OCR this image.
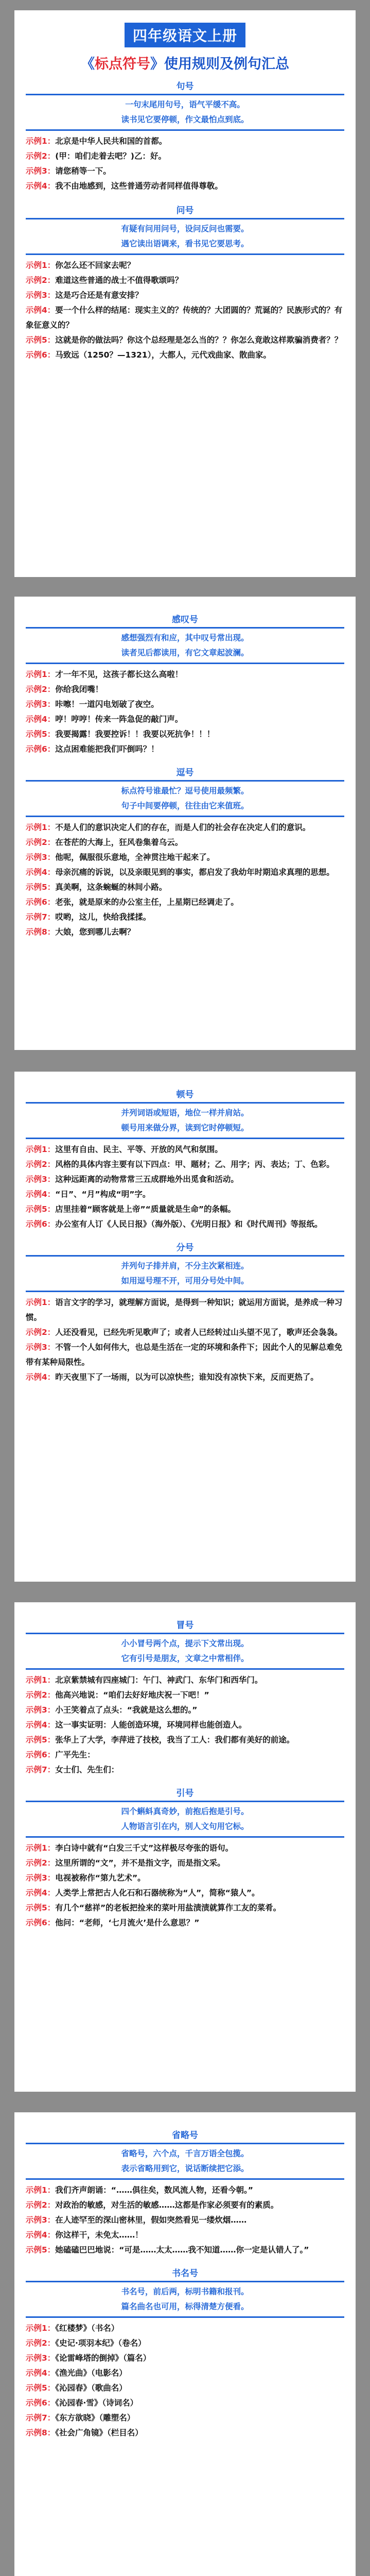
四年级语文上册
《标点符号》使用规则及例句汇总
句号
一句末尾用句号，语气平缓不高。
读书见它要停顿，作文最怕点到底。

示例1：北京是中华人民共和国的首都。

示例2：(甲：咱们走着去吧？)乙：好。

示例3：请您稍等一下。

示例4：我不由地感到，这些普通劳动者同样值得尊敬。

问号
有疑有问用问号，设问反问也需要。
遇它读出语调来，看书见它要思考。

示例1：你怎么还不回家去呢？

示例2：难道这些普通的战士不值得歌颂吗？

示例3：这是巧合还是有意安排？

示例4：要一个什么样的结尾：现实主义的？传统的？大团圆的？荒诞的？民族形式的？有象征意义的？

示例5：这就是你的做法吗？你这个总经理是怎么当的？？你怎么竟敢这样欺骗消费者？？

示例6：马致远（1250？—1321），大都人，元代戏曲家、散曲家。

感叹号
感想强烈有和应，其中叹号常出现。
读者见后都读用，有它文章起波澜。

示例1：才一年不见，这孩子都长这么高啦！

示例2：你给我闭嘴！

示例3：咔嚓！一道闪电划破了夜空。

示例4：哼！哼哼！传来一阵急促的敲门声。

示例5：我要揭露！我要控诉！！我要以死抗争！！！

示例6：这点困难能把我们吓倒吗？！

逗号
标点符号谁最忙？逗号使用最频繁。
句子中间要停顿，往往由它来值班。

示例1：不是人们的意识决定人们的存在，而是人们的社会存在决定人们的意识。

示例2：在苍茫的大海上，狂风卷集着乌云。

示例3：他呢，佩服很乐意地，全神贯注地干起来了。

示例4：母亲沉痛的诉说，以及亲眼见到的事实，都启发了我幼年时期追求真理的思想。

示例5：真美啊，这条蜿蜒的林间小路。

示例6：老张，就是原来的办公室主任，上星期已经调走了。

示例7：哎哟，这儿，快给我揉揉。

示例8：大娘，您到哪儿去啊？

顿号
并列词语或短语，地位一样并肩站。
顿号用来做分界，读到它时停顿短。

示例1：这里有自由、民主、平等、开放的风气和氛围。

示例2：风格的具体内容主要有以下四点：甲、题材；乙、用字；丙、表达；丁、色彩。

示例3：这种远距离的动物常常三五成群地外出觅食和活动。

示例4：“日”、“月”构成“明”字。

示例5：店里挂着“顾客就是上帝”“质量就是生命”的条幅。

示例6：办公室有人订《人民日报》（海外版）、《光明日报》和《时代周刊》等报纸。

分号
并列句子排并肩，不分主次紧相连。
如用逗号理不开，可用分号处中间。

示例1：语言文字的学习，就理解方面说，是得到一种知识；就运用方面说，是养成一种习惯。

示例2：人还没看见，已经先听见歌声了；或者人已经转过山头望不见了，歌声还会袅袅。

示例3：不管一个人如何伟大，也总是生活在一定的环境和条件下；因此个人的见解总难免带有某种局限性。

示例4：昨天夜里下了一场雨，以为可以凉快些；谁知没有凉快下来，反而更热了。

冒号
小小冒号两个点，提示下文常出现。
它有引号是朋友，文章之中常相伴。

示例1：北京紫禁城有四座城门：午门、神武门、东华门和西华门。

示例2：他高兴地说：“咱们去好好地庆祝一下吧！”

示例3：小王笑着点了点头：“我就是这么想的。”

示例4：这一事实证明：人能创造环境，环境同样也能创造人。

示例5：张华上了大学，李萍进了技校，我当了工人：我们都有美好的前途。

示例6：广平先生：

示例7：女士们、先生们：

引号
四个蝌蚪真奇妙，前抱后抱是引号。
人物语言引在内，别人文句用它标。

示例1：李白诗中就有“白发三千丈”这样极尽夸张的语句。

示例2：这里所谓的“文”，并不是指文字，而是指文采。

示例3：电视被称作“第九艺术”。

示例4：人类学上常把古人化石和石器统称为“人”，简称“猿人”。

示例5：有几个“慈祥”的老板把捡来的菜叶用盐渍渍就算作工友的菜肴。

示例6：他问：“老师，‘七月流火’是什么意思？”

省略号
省略号，六个点，千言万语全包揽。
表示省略用到它，说话断续把它添。

示例1：我们齐声朗诵：“……俱往矣，数风流人物，还看今朝。”

示例2：对政治的敏感，对生活的敏感……这都是作家必须要有的素质。

示例3：在人迹罕至的深山密林里，假如突然看见一缕炊烟……

示例4：你这样干，未免太……！

示例5：她磕磕巴巴地说：“可是……太太……我不知道……你一定是认错人了。”

书名号
书名号，前后两，标明书籍和报刊。
篇名曲名也可用，标得清楚方便看。

示例1：《红楼梦》（书名）

示例2：《史记·项羽本纪》（卷名）

示例3：《论雷峰塔的倒掉》（篇名）

示例4：《渔光曲》（电影名）

示例5：《沁园春》（歌曲名）

示例6：《沁园春·雪》（诗词名）

示例7：《东方欲晓》（雕塑名）

示例8：《社会广角镜》（栏目名）
